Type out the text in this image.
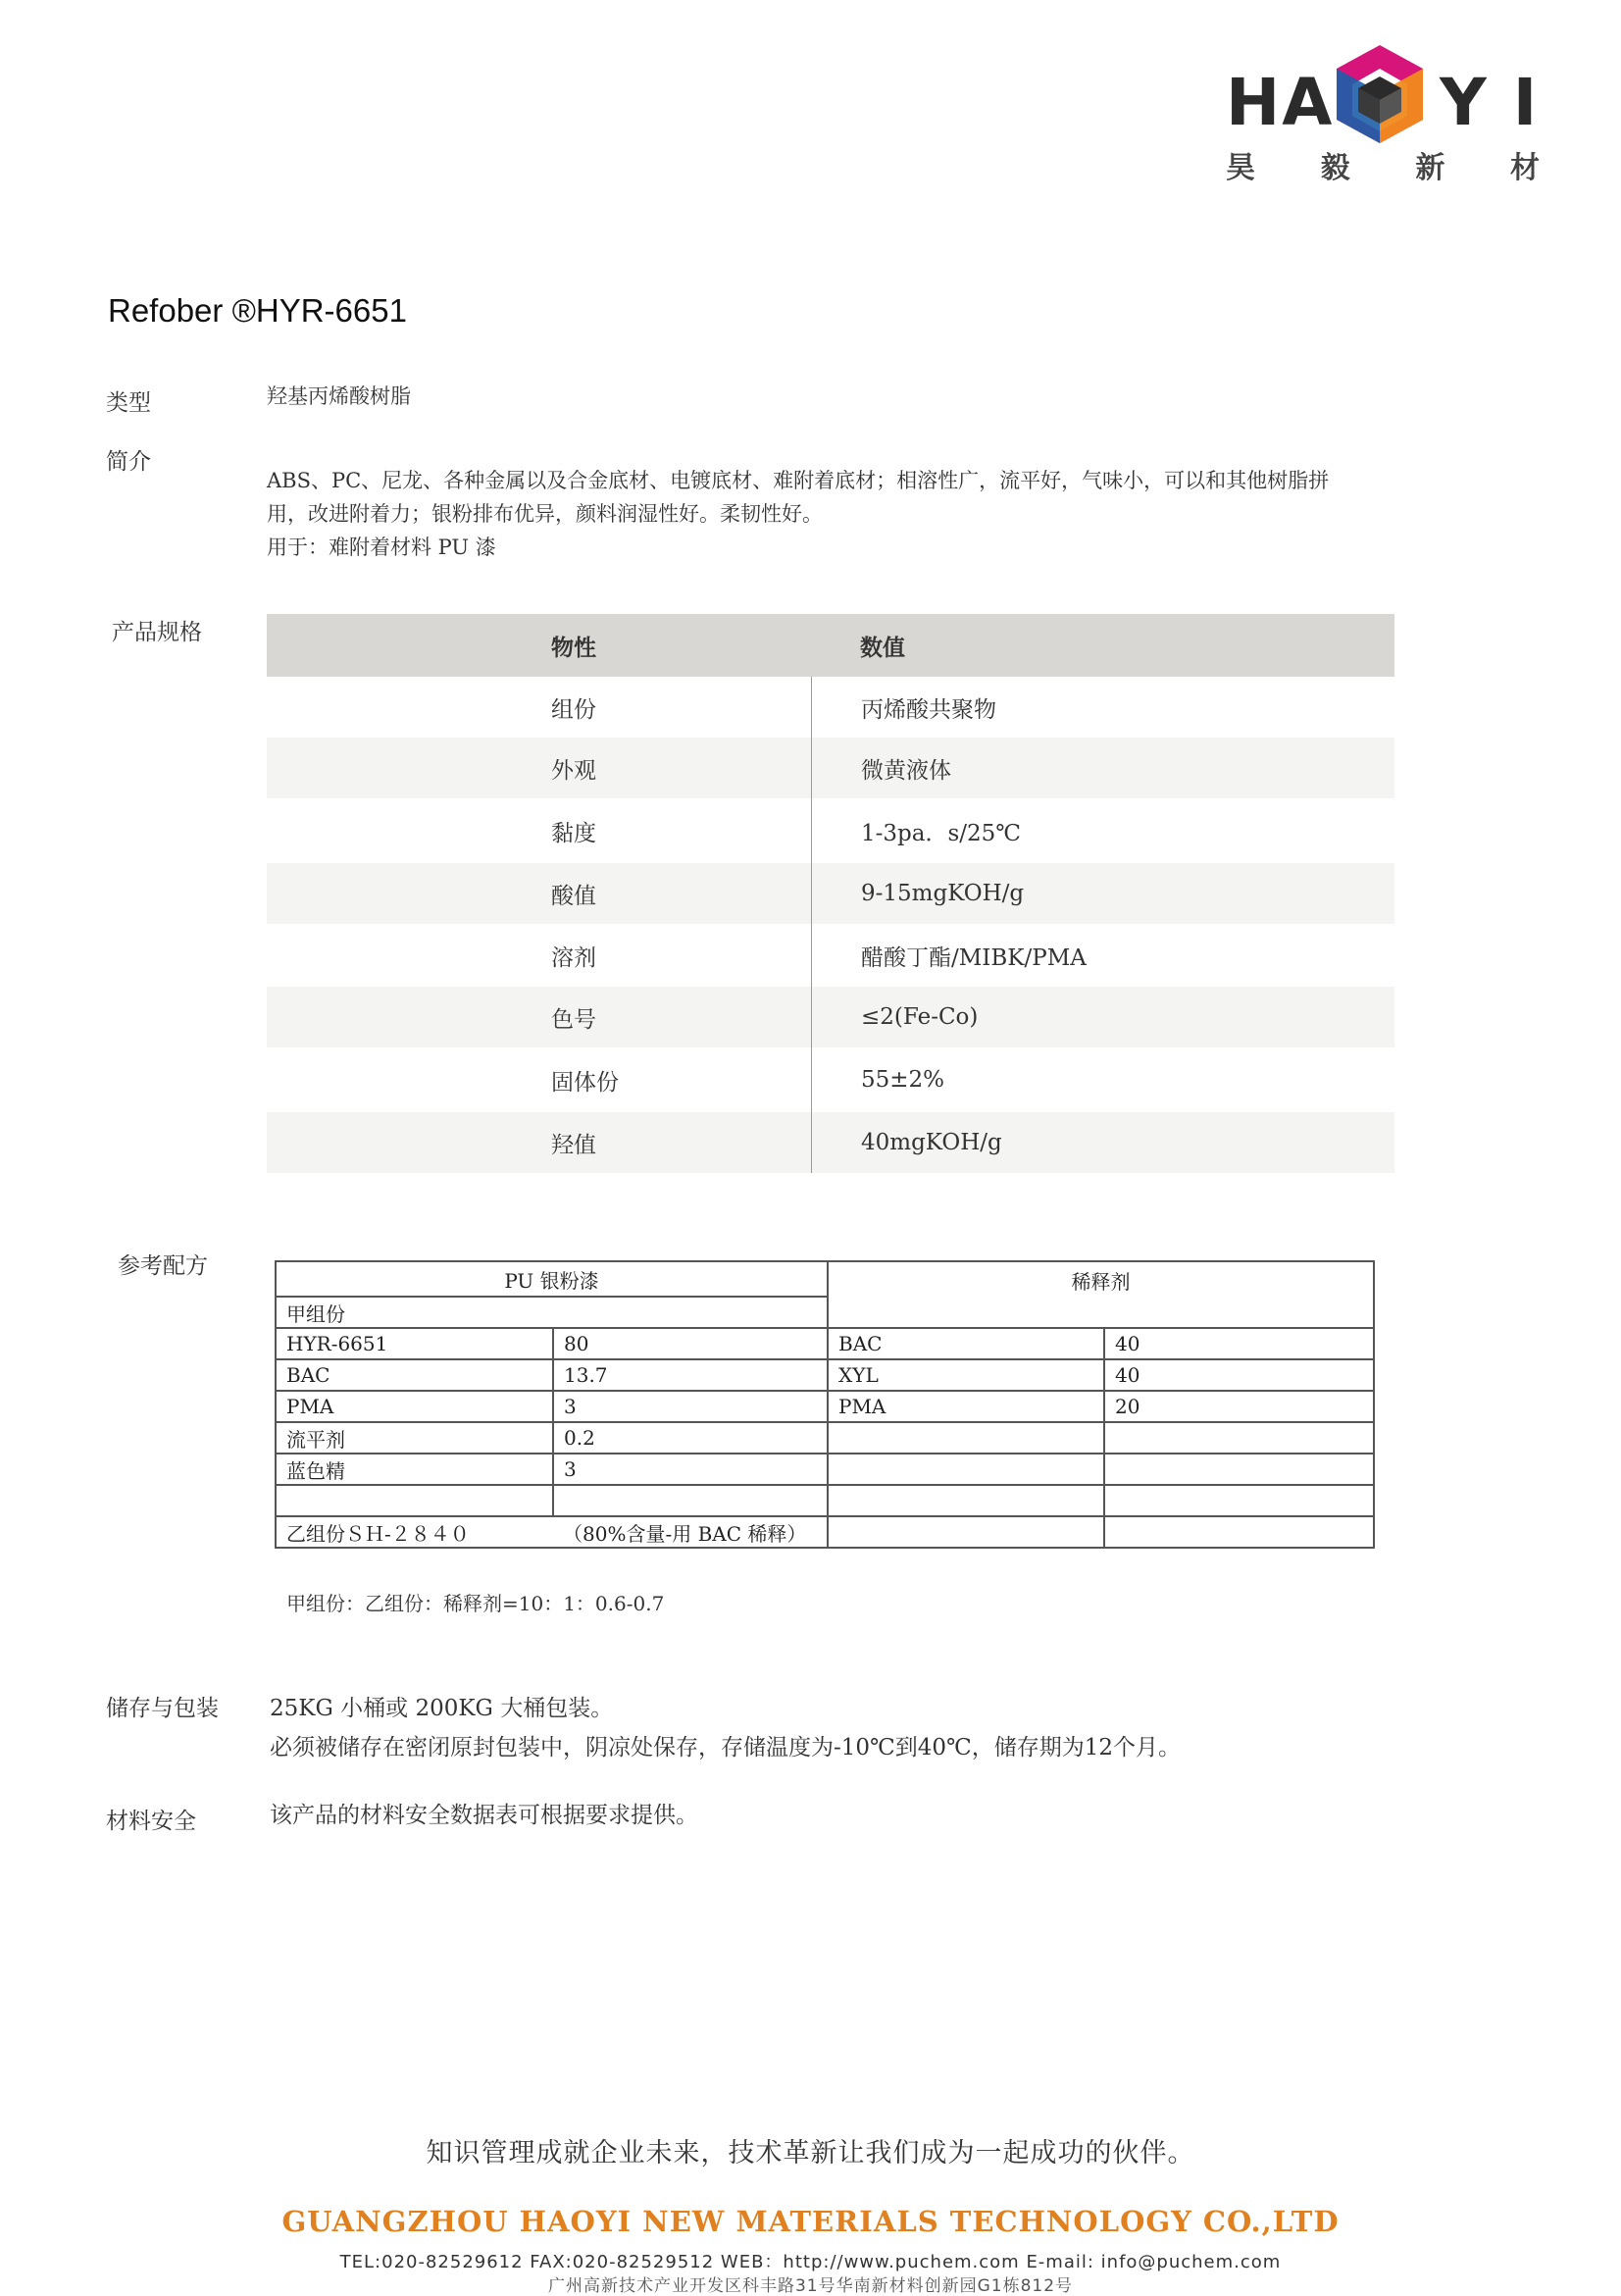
HA Y I
昊 毅 新 材
Refober ®HYR-6651
类型	羟基丙烯酸树脂
简介
ABS、PC、尼龙、各种金属以及合金底材、电镀底材、难附着底材；相溶性广，流平好，气味小，可以和其他树脂拼
用，改进附着力；银粉排布优异，颜料润湿性好。柔韧性好。
用于：难附着材料 PU 漆
产品规格
物性	数值
组份	丙烯酸共聚物
外观	微黄液体
黏度	1-3pa．s/25℃
酸值	9-15mgKOH/g
溶剂	醋酸丁酯/MIBK/PMA
色号	≤2(Fe-Co)
固体份	55±2%
羟值	40mgKOH/g
参考配方
PU 银粉漆		稀释剂	
甲组份			
HYR-6651	80	BAC	40
BAC	13.7	XYL	40
PMA	3	PMA	20
流平剂	0.2		
蓝色精	3		

乙组份ＳＨ-２８４０	（80%含量-用 BAC 稀释）		
甲组份：乙组份：稀释剂=10：1：0.6-0.7
储存与包装 25KG 小桶或 200KG 大桶包装。
必须被储存在密闭原封包装中，阴凉处保存，存储温度为-10℃到40℃，储存期为12个月。
材料安全	该产品的材料安全数据表可根据要求提供。
知识管理成就企业未来，技术革新让我们成为一起成功的伙伴。
GUANGZHOU HAOYI NEW MATERIALS TECHNOLOGY CO.,LTD
TEL:020-82529612 FAX:020-82529512 WEB：http://www.puchem.com E-mail: info@puchem.com
广州高新技术产业开发区科丰路31号华南新材料创新园G1栋812号
